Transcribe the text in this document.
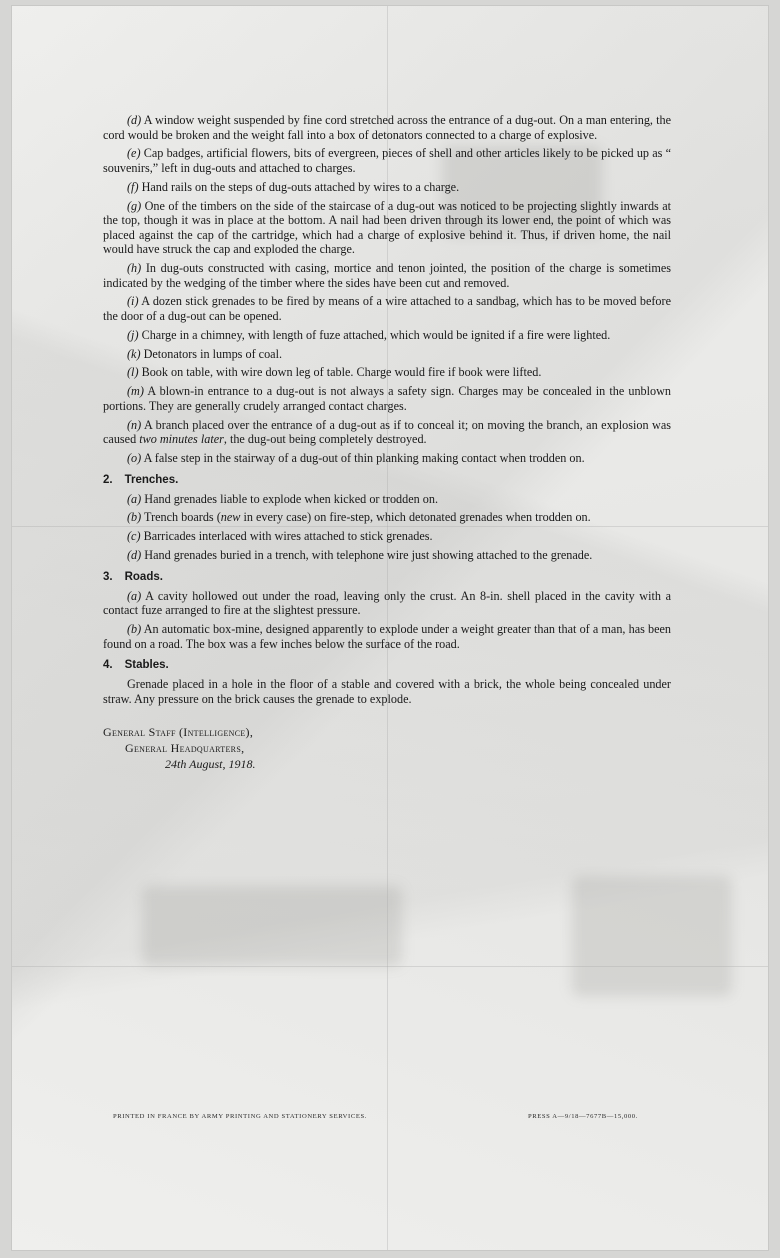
(d) A window weight suspended by fine cord stretched across the entrance of a dug-out. On a man entering, the cord would be broken and the weight fall into a box of detonators connected to a charge of explosive.

(e) Cap badges, artificial flowers, bits of evergreen, pieces of shell and other articles likely to be picked up as “ souvenirs,” left in dug-outs and attached to charges.

(f) Hand rails on the steps of dug-outs attached by wires to a charge.

(g) One of the timbers on the side of the staircase of a dug-out was noticed to be projecting slightly inwards at the top, though it was in place at the bottom. A nail had been driven through its lower end, the point of which was placed against the cap of the cartridge, which had a charge of explosive behind it. Thus, if driven home, the nail would have struck the cap and exploded the charge.

(h) In dug-outs constructed with casing, mortice and tenon jointed, the position of the charge is sometimes indicated by the wedging of the timber where the sides have been cut and removed.

(i) A dozen stick grenades to be fired by means of a wire attached to a sandbag, which has to be moved before the door of a dug-out can be opened.

(j) Charge in a chimney, with length of fuze attached, which would be ignited if a fire were lighted.

(k) Detonators in lumps of coal.

(l) Book on table, with wire down leg of table. Charge would fire if book were lifted.

(m) A blown-in entrance to a dug-out is not always a safety sign. Charges may be concealed in the unblown portions. They are generally crudely arranged contact charges.

(n) A branch placed over the entrance of a dug-out as if to conceal it; on moving the branch, an explosion was caused two minutes later, the dug-out being completely destroyed.

(o) A false step in the stairway of a dug-out of thin planking making contact when trodden on.

2. Trenches.

(a) Hand grenades liable to explode when kicked or trodden on.

(b) Trench boards (new in every case) on fire-step, which detonated grenades when trodden on.

(c) Barricades interlaced with wires attached to stick grenades.

(d) Hand grenades buried in a trench, with telephone wire just showing attached to the grenade.

3. Roads.

(a) A cavity hollowed out under the road, leaving only the crust. An 8-in. shell placed in the cavity with a contact fuze arranged to fire at the slightest pressure.

(b) An automatic box-mine, designed apparently to explode under a weight greater than that of a man, has been found on a road. The box was a few inches below the surface of the road.

4. Stables.

Grenade placed in a hole in the floor of a stable and covered with a brick, the whole being concealed under straw. Any pressure on the brick causes the grenade to explode.

General Staff (Intelligence),
General Headquarters,
24th August, 1918.
PRINTED IN FRANCE BY ARMY PRINTING AND STATIONERY SERVICES.	PRESS A—9/18—7677B—15,000.
